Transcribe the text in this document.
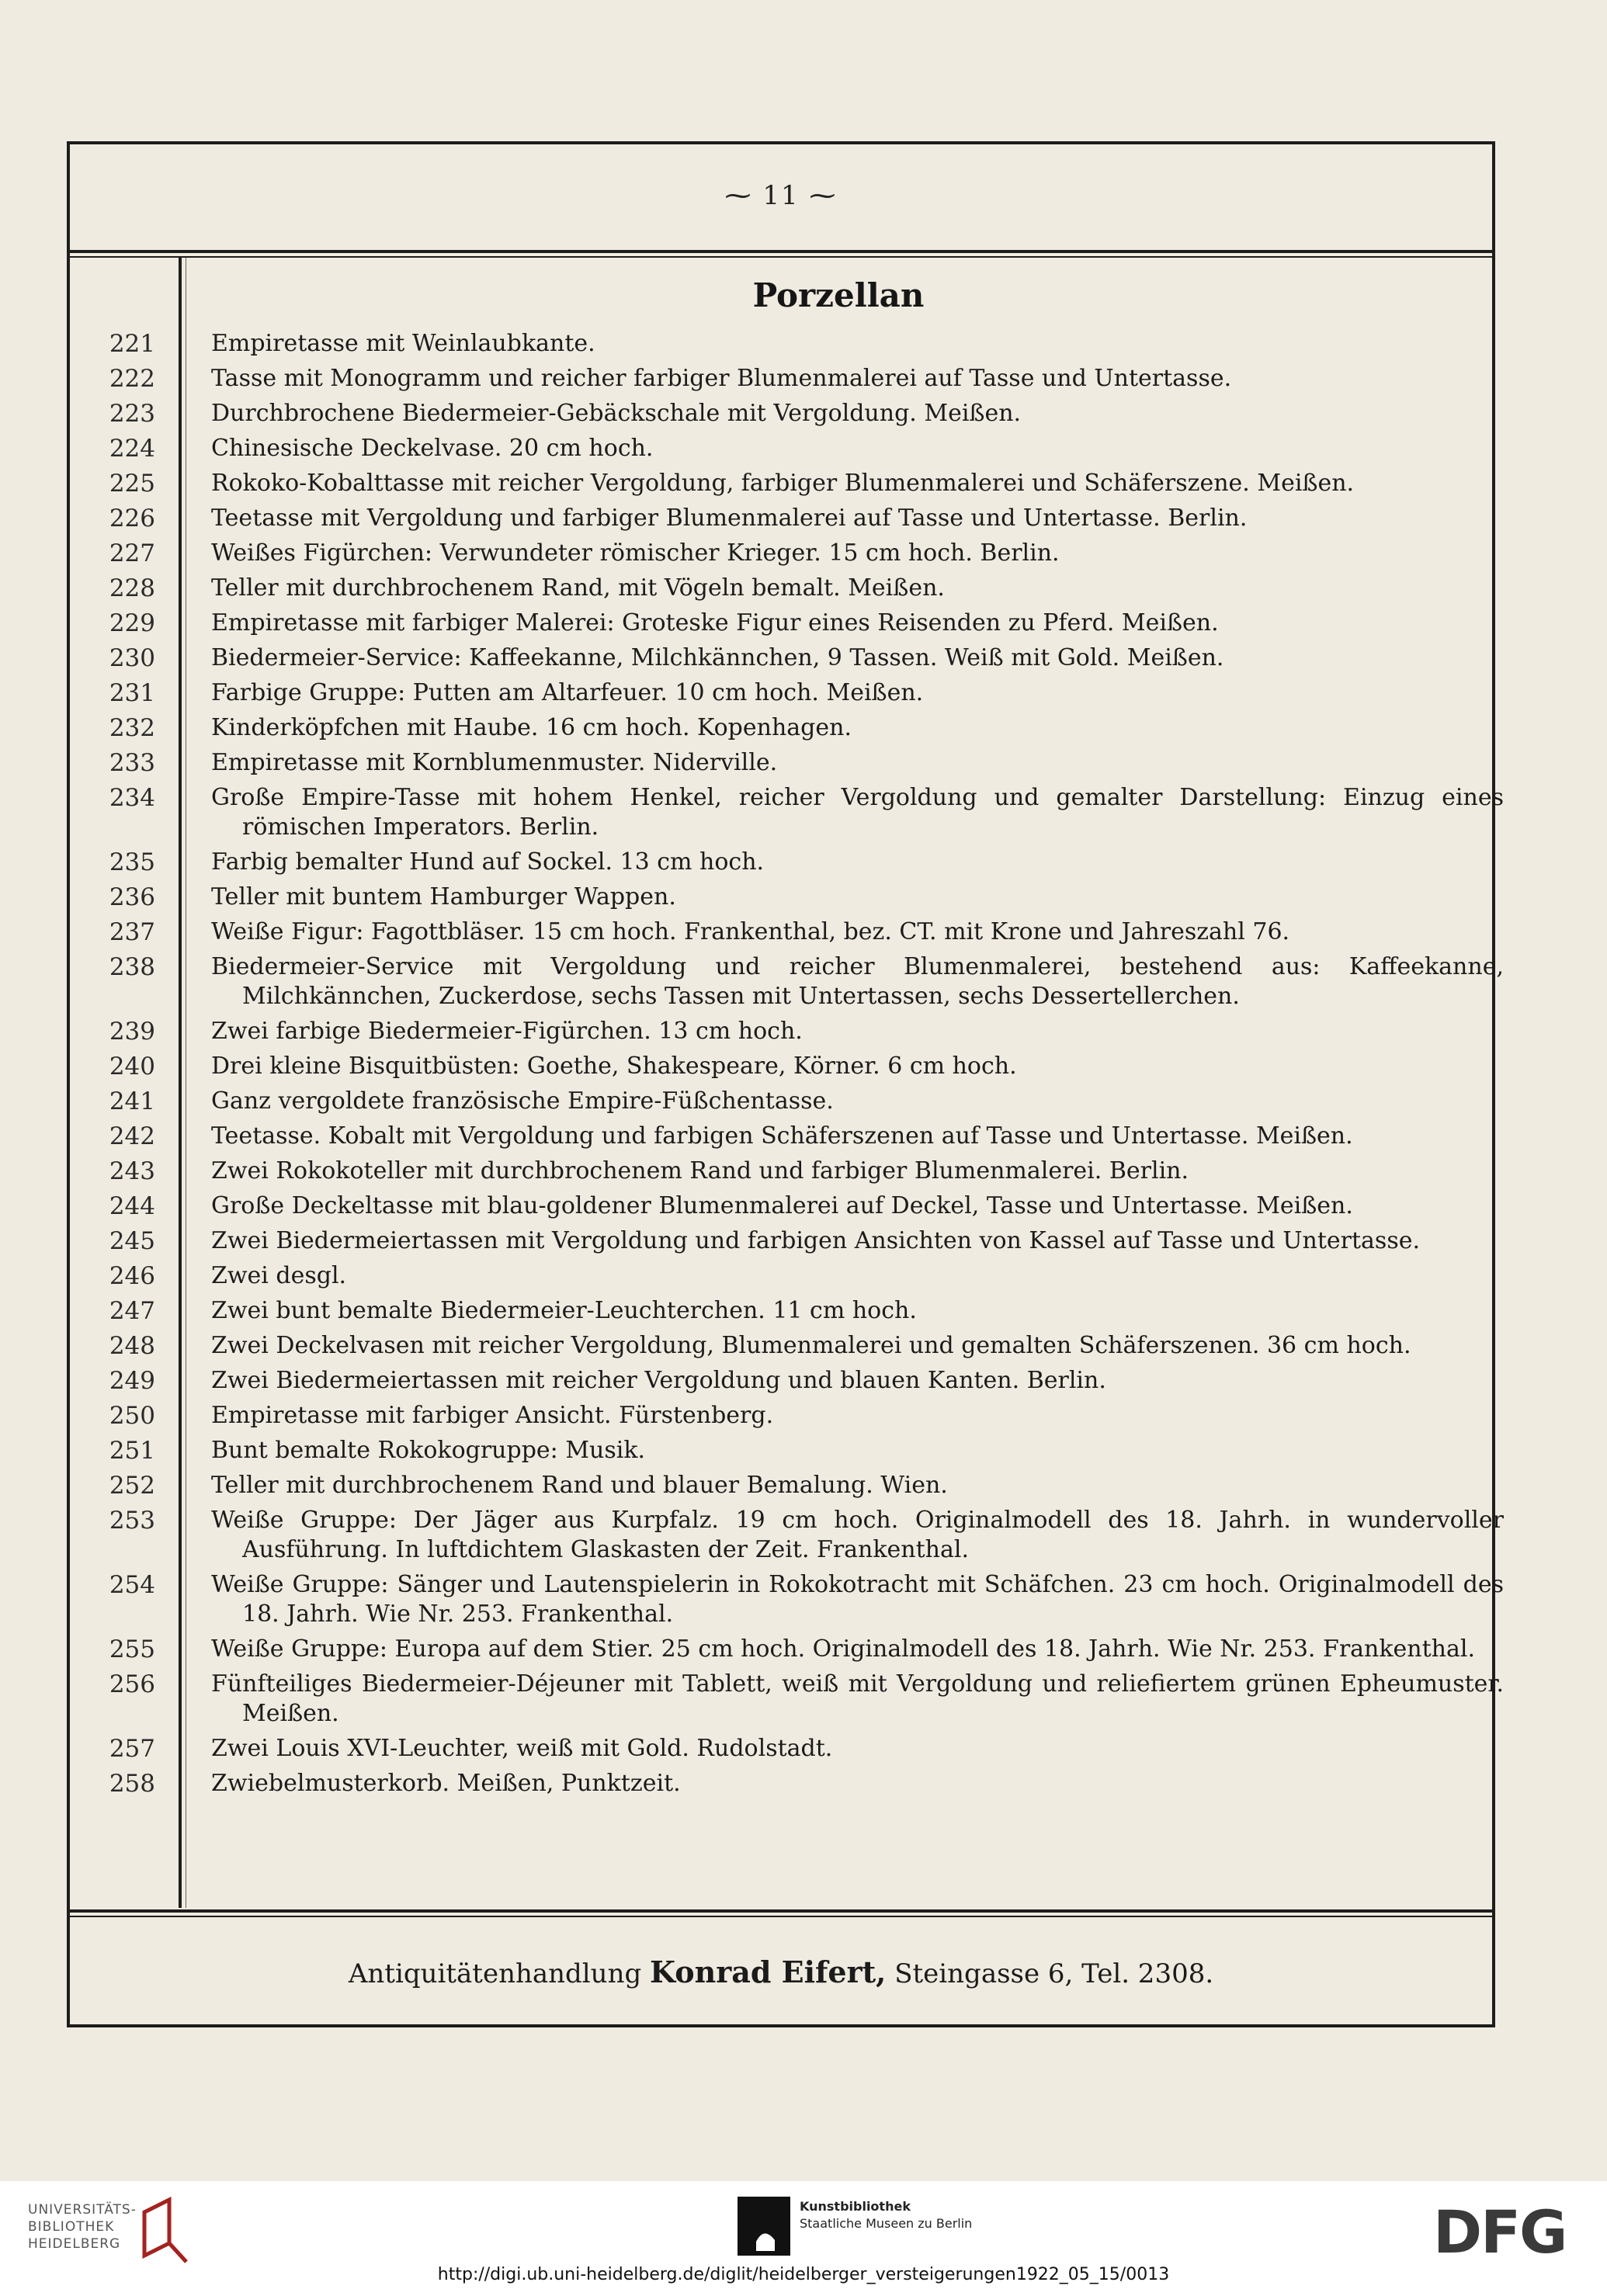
⁓ 11 ⁓
Porzellan
221 Empiretasse mit Weinlaubkante.
222 Tasse mit Monogramm und reicher farbiger Blumenmalerei auf Tasse und Untertasse.
223 Durchbrochene Biedermeier-Gebäckschale mit Vergoldung. Meißen.
224 Chinesische Deckelvase. 20 cm hoch.
225 Rokoko-Kobalttasse mit reicher Vergoldung, farbiger Blumenmalerei und Schäferszene. Meißen.
226 Teetasse mit Vergoldung und farbiger Blumenmalerei auf Tasse und Untertasse. Berlin.
227 Weißes Figürchen: Verwundeter römischer Krieger. 15 cm hoch. Berlin.
228 Teller mit durchbrochenem Rand, mit Vögeln bemalt. Meißen.
229 Empiretasse mit farbiger Malerei: Groteske Figur eines Reisenden zu Pferd. Meißen.
230 Biedermeier-Service: Kaffeekanne, Milchkännchen, 9 Tassen. Weiß mit Gold. Meißen.
231 Farbige Gruppe: Putten am Altarfeuer. 10 cm hoch. Meißen.
232 Kinderköpfchen mit Haube. 16 cm hoch. Kopenhagen.
233 Empiretasse mit Kornblumenmuster. Niderville.
234 Große Empire-Tasse mit hohem Henkel, reicher Vergoldung und gemalter Darstellung: Einzug eines römischen Imperators. Berlin.
235 Farbig bemalter Hund auf Sockel. 13 cm hoch.
236 Teller mit buntem Hamburger Wappen.
237 Weiße Figur: Fagottbläser. 15 cm hoch. Frankenthal, bez. CT. mit Krone und Jahreszahl 76.
238 Biedermeier-Service mit Vergoldung und reicher Blumenmalerei, bestehend aus: Kaffeekanne, Milchkännchen, Zuckerdose, sechs Tassen mit Untertassen, sechs Dessertellerchen.
239 Zwei farbige Biedermeier-Figürchen. 13 cm hoch.
240 Drei kleine Bisquitbüsten: Goethe, Shakespeare, Körner. 6 cm hoch.
241 Ganz vergoldete französische Empire-Füßchentasse.
242 Teetasse. Kobalt mit Vergoldung und farbigen Schäferszenen auf Tasse und Untertasse. Meißen.
243 Zwei Rokokoteller mit durchbrochenem Rand und farbiger Blumenmalerei. Berlin.
244 Große Deckeltasse mit blau-goldener Blumenmalerei auf Deckel, Tasse und Untertasse. Meißen.
245 Zwei Biedermeiertassen mit Vergoldung und farbigen Ansichten von Kassel auf Tasse und Untertasse.
246 Zwei desgl.
247 Zwei bunt bemalte Biedermeier-Leuchterchen. 11 cm hoch.
248 Zwei Deckelvasen mit reicher Vergoldung, Blumenmalerei und gemalten Schäferszenen. 36 cm hoch.
249 Zwei Biedermeiertassen mit reicher Vergoldung und blauen Kanten. Berlin.
250 Empiretasse mit farbiger Ansicht. Fürstenberg.
251 Bunt bemalte Rokokogruppe: Musik.
252 Teller mit durchbrochenem Rand und blauer Bemalung. Wien.
253 Weiße Gruppe: Der Jäger aus Kurpfalz. 19 cm hoch. Originalmodell des 18. Jahrh. in wundervoller Ausführung. In luftdichtem Glaskasten der Zeit. Frankenthal.
254 Weiße Gruppe: Sänger und Lautenspielerin in Rokokotracht mit Schäfchen. 23 cm hoch. Originalmodell des 18. Jahrh. Wie Nr. 253. Frankenthal.
255 Weiße Gruppe: Europa auf dem Stier. 25 cm hoch. Originalmodell des 18. Jahrh. Wie Nr. 253. Frankenthal.
256 Fünfteiliges Biedermeier-Déjeuner mit Tablett, weiß mit Vergoldung und reliefiertem grünen Epheumuster. Meißen.
257 Zwei Louis XVI-Leuchter, weiß mit Gold. Rudolstadt.
258 Zwiebelmusterkorb. Meißen, Punktzeit.
Antiquitätenhandlung Konrad Eifert, Steingasse 6, Tel. 2308.
UNIVERSITÄTS-
BIBLIOTHEK
HEIDELBERG
Kunstbibliothek
Staatliche Museen zu Berlin	DFG
http://digi.ub.uni-heidelberg.de/diglit/heidelberger_versteigerungen1922_05_15/0013
